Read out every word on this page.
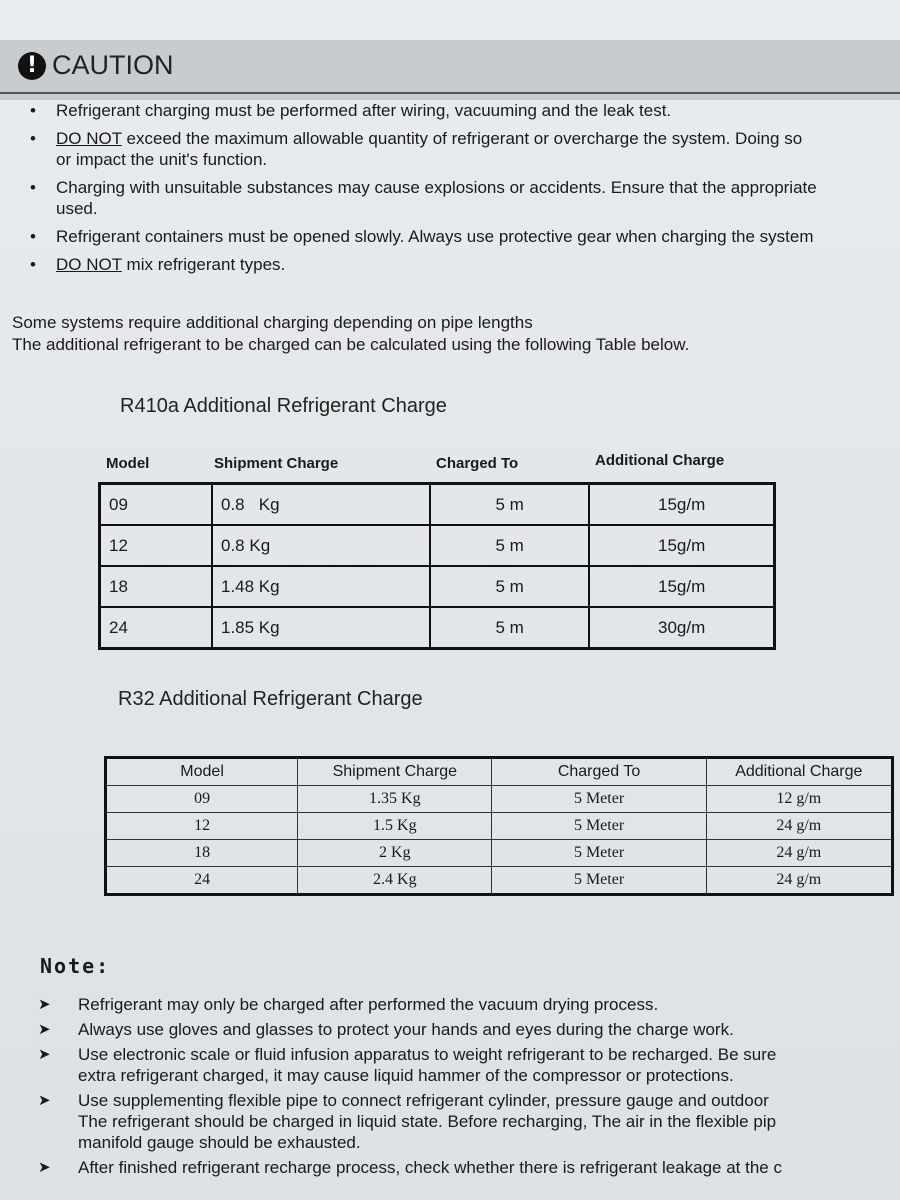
! CAUTION
• Refrigerant charging must be performed after wiring, vacuuming and the leak test.
• DO NOT exceed the maximum allowable quantity of refrigerant or overcharge the system. Doing so
or impact the unit's function.
• Charging with unsuitable substances may cause explosions or accidents. Ensure that the appropriate
used.
• Refrigerant containers must be opened slowly. Always use protective gear when charging the system
• DO NOT mix refrigerant types.
Some systems require additional charging depending on pipe lengths
The additional refrigerant to be charged can be calculated using the following Table below.
R410a Additional Refrigerant Charge
Model	Shipment Charge	Charged To	Additional Charge
09	0.8   Kg	5 m	15g/m
12	0.8 Kg	5 m	15g/m
18	1.48 Kg	5 m	15g/m
24	1.85 Kg	5 m	30g/m
R32 Additional Refrigerant Charge
Model	Shipment Charge	Charged To	Additional Charge
09	1.35 Kg	5 Meter	12 g/m
12	1.5 Kg	5 Meter	24 g/m
18	2 Kg	5 Meter	24 g/m
24	2.4 Kg	5 Meter	24 g/m
Note:
➤ Refrigerant may only be charged after performed the vacuum drying process.
➤ Always use gloves and glasses to protect your hands and eyes during the charge work.
➤ Use electronic scale or fluid infusion apparatus to weight refrigerant to be recharged. Be sure
extra refrigerant charged, it may cause liquid hammer of the compressor or protections.
➤ Use supplementing flexible pipe to connect refrigerant cylinder, pressure gauge and outdoor
The refrigerant should be charged in liquid state. Before recharging, The air in the flexible pip
manifold gauge should be exhausted.
➤ After finished refrigerant recharge process, check whether there is refrigerant leakage at the c
